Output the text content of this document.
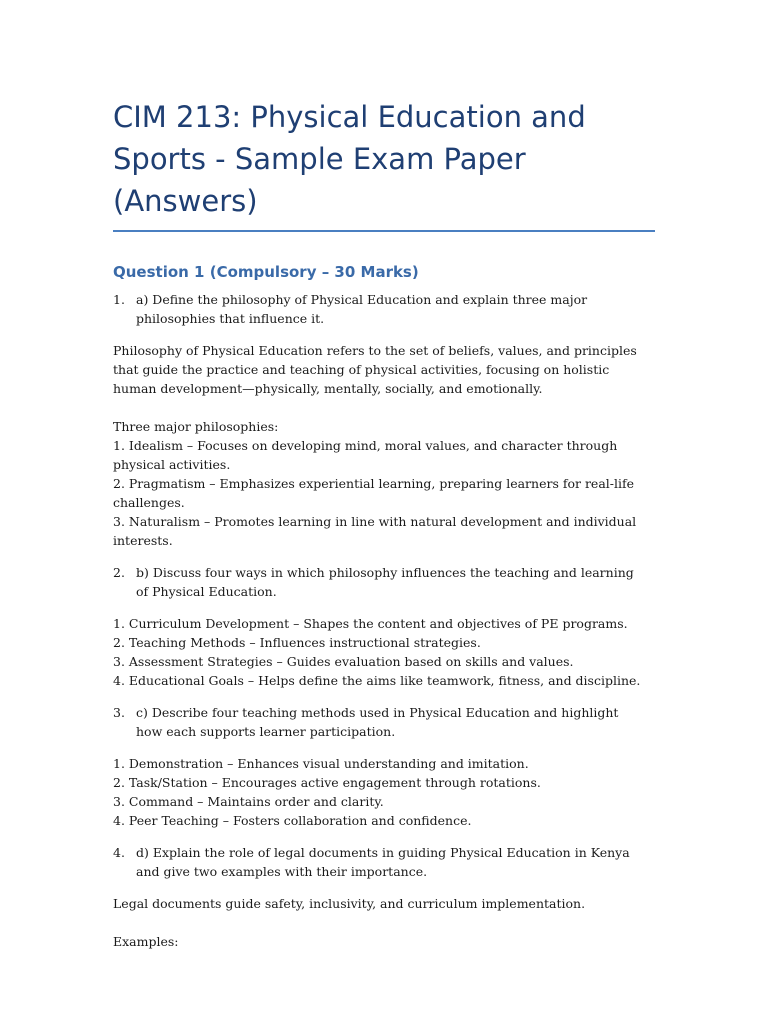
CIM 213: Physical Education and Sports - Sample Exam Paper (Answers)
Question 1 (Compulsory – 30 Marks)
1. a) Define the philosophy of Physical Education and explain three major philosophies that influence it.

Philosophy of Physical Education refers to the set of beliefs, values, and principles that guide the practice and teaching of physical activities, focusing on holistic human development—physically, mentally, socially, and emotionally.

Three major philosophies:
1. Idealism – Focuses on developing mind, moral values, and character through physical activities.
2. Pragmatism – Emphasizes experiential learning, preparing learners for real-life challenges.
3. Naturalism – Promotes learning in line with natural development and individual interests.
2. b) Discuss four ways in which philosophy influences the teaching and learning of Physical Education.
1. Curriculum Development – Shapes the content and objectives of PE programs.
2. Teaching Methods – Influences instructional strategies.
3. Assessment Strategies – Guides evaluation based on skills and values.
4. Educational Goals – Helps define the aims like teamwork, fitness, and discipline.
3. c) Describe four teaching methods used in Physical Education and highlight how each supports learner participation.
1. Demonstration – Enhances visual understanding and imitation.
2. Task/Station – Encourages active engagement through rotations.
3. Command – Maintains order and clarity.
4. Peer Teaching – Fosters collaboration and confidence.
4. d) Explain the role of legal documents in guiding Physical Education in Kenya and give two examples with their importance.

Legal documents guide safety, inclusivity, and curriculum implementation.

Examples:
